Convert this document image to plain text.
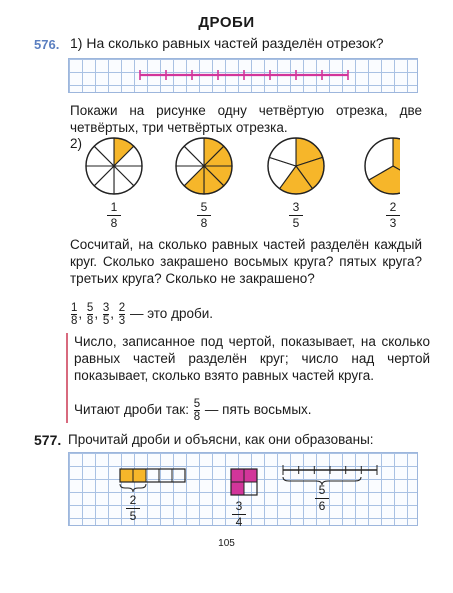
ДРОБИ
576. 1) На сколько равных частей разделён отрезок?
Покажи на рисунке одну четвёртую отрезка, две четвёртых, три четвёртых отрезка.
2)
1
8
5
8
3
5
2
3
Сосчитай, на сколько равных частей разделён каждый круг. Сколько закрашено восьмых круга? пятых круга? третьих круга? Сколько не закрашено?
$\frac{1}{8}$, $\frac{5}{8}$, $\frac{3}{5}$, $\frac{2}{3}$ — это дроби.
Число, записанное под чертой, показывает, на сколько равных частей разделён круг; число над чертой показывает, сколько взято равных частей круга.
Читают дроби так: $\frac{5}{8}$ — пять восьмых.
577. Прочитай дроби и объясни, как они образованы:
2
5
3
4
5
6
105
